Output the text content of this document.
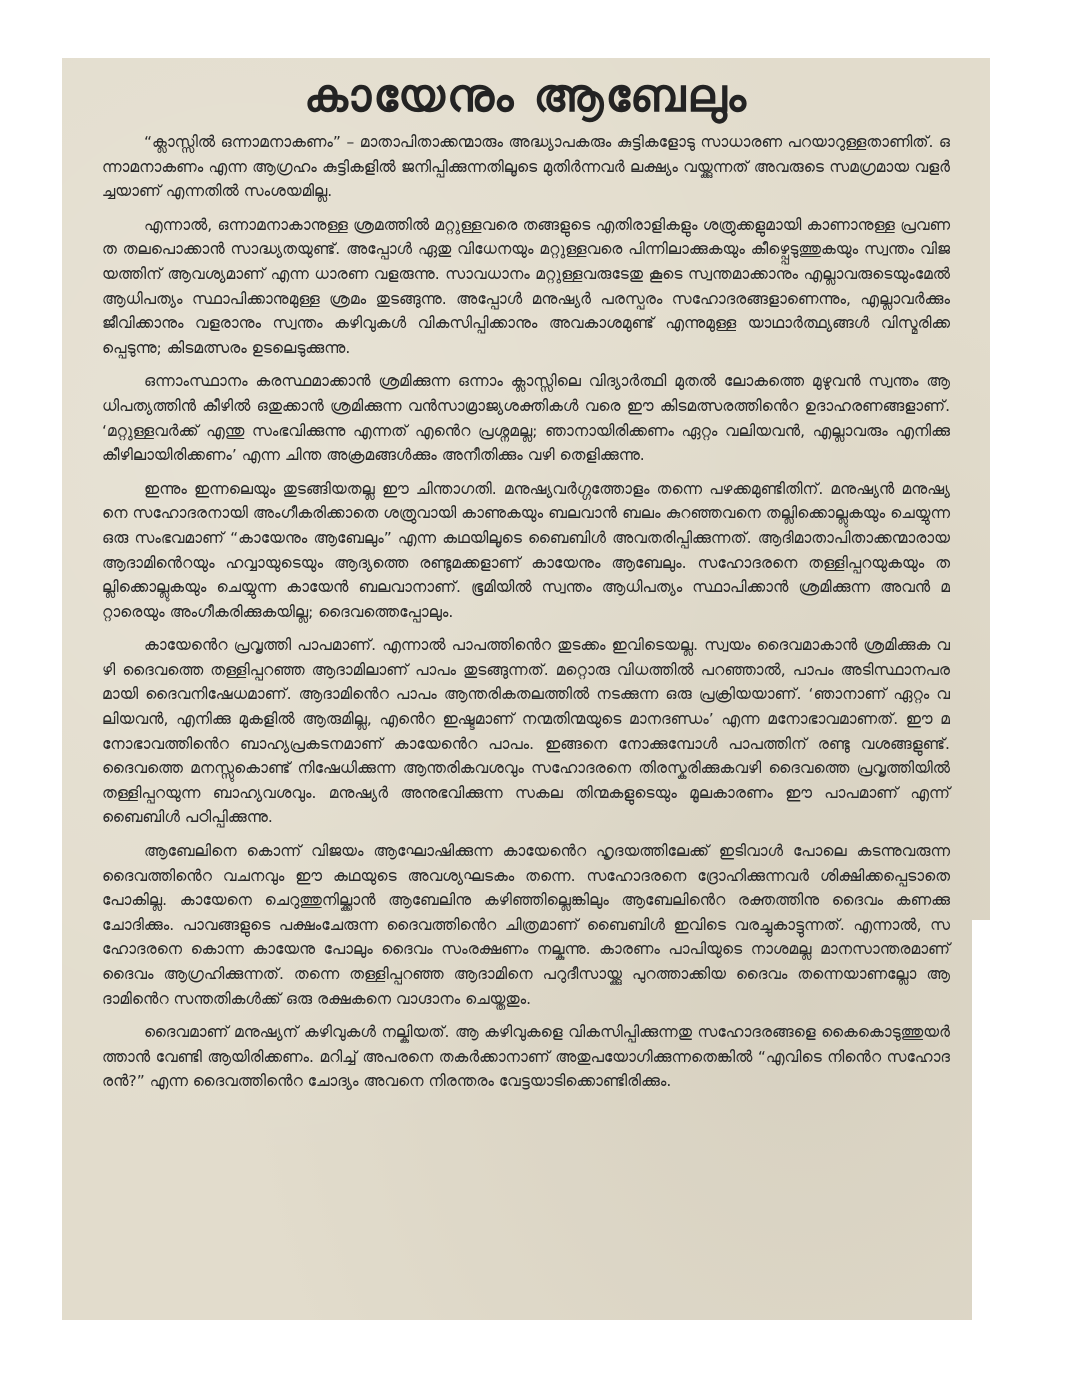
കായേനും ആബേലും

“ക്ലാസ്സിൽ ഒന്നാമനാകണം” – മാതാപിതാക്കന്മാരും അദ്ധ്യാപകരും കുട്ടികളോടു സാധാരണ പറയാറുള്ളതാണിത്. ഒന്നാമനാകണം എന്ന ആഗ്രഹം കുട്ടികളിൽ ജനിപ്പിക്കുന്നതിലൂടെ മുതിർന്നവർ ലക്ഷ്യം വയ്ക്കുന്നത് അവരുടെ സമഗ്രമായ വളർച്ചയാണ് എന്നതിൽ സംശയമില്ല.

എന്നാൽ, ഒന്നാമനാകാനുള്ള ശ്രമത്തിൽ മറ്റുള്ളവരെ തങ്ങളുടെ എതിരാളികളും ശത്രുക്കളുമായി കാണാനുള്ള പ്രവണത തലപൊക്കാൻ സാദ്ധ്യതയുണ്ട്. അപ്പോൾ ഏതു വിധേനയും മറ്റുള്ളവരെ പിന്നിലാക്കുകയും കീഴ്പ്പെടുത്തുകയും സ്വന്തം വിജയത്തിന് ആവശ്യമാണ് എന്ന ധാരണ വളരുന്നു. സാവധാനം മറ്റുള്ളവരുടേതു കൂടെ സ്വന്തമാക്കാനും എല്ലാവരുടെയുംമേൽ ആധിപത്യം സ്ഥാപിക്കാനുമുള്ള ശ്രമം തുടങ്ങുന്നു. അപ്പോൾ മനുഷ്യർ പരസ്പരം സഹോദരങ്ങളാണെന്നും, എല്ലാവർക്കും ജീവിക്കാനും വളരാനും സ്വന്തം കഴിവുകൾ വികസിപ്പിക്കാനും അവകാശമുണ്ട് എന്നുമുള്ള യാഥാർത്ഥ്യങ്ങൾ വിസ്മരിക്കപ്പെടുന്നു; കിടമത്സരം ഉടലെടുക്കുന്നു.

ഒന്നാംസ്ഥാനം കരസ്ഥമാക്കാൻ ശ്രമിക്കുന്ന ഒന്നാം ക്ലാസ്സിലെ വിദ്യാർത്ഥി മുതൽ ലോകത്തെ മുഴുവൻ സ്വന്തം ആധിപത്യത്തിൻ കീഴിൽ ഒതുക്കാൻ ശ്രമിക്കുന്ന വൻസാമ്രാജ്യശക്തികൾ വരെ ഈ കിടമത്സരത്തിൻെറ ഉദാഹരണങ്ങളാണ്. ‘മറ്റുള്ളവർക്ക് എന്തു സംഭവിക്കുന്നു എന്നത് എൻെറ പ്രശ്നമല്ല; ഞാനായിരിക്കണം ഏറ്റം വലിയവൻ, എല്ലാവരും എനിക്കു കീഴിലായിരിക്കണം’ എന്ന ചിന്ത അക്രമങ്ങൾക്കും അനീതിക്കും വഴി തെളിക്കുന്നു.

ഇന്നും ഇന്നലെയും തുടങ്ങിയതല്ല ഈ ചിന്താഗതി. മനുഷ്യവർഗ്ഗത്തോളം തന്നെ പഴക്കമുണ്ടിതിന്. മനുഷ്യൻ മനുഷ്യനെ സഹോദരനായി അംഗീകരിക്കാതെ ശത്രുവായി കാണുകയും ബലവാൻ ബലം കുറഞ്ഞവനെ തല്ലിക്കൊല്ലുകയും ചെയ്യുന്ന ഒരു സംഭവമാണ് “കായേനും ആബേലും” എന്ന കഥയിലൂടെ ബൈബിൾ അവതരിപ്പിക്കുന്നത്. ആദിമാതാപിതാക്കന്മാരായ ആദാമിൻെറയും ഹവ്വായുടെയും ആദ്യത്തെ രണ്ടുമക്കളാണ് കായേനും ആബേലും. സഹോദരനെ തള്ളിപ്പറയുകയും തല്ലിക്കൊല്ലുകയും ചെയ്യുന്ന കായേൻ ബലവാനാണ്. ഭൂമിയിൽ സ്വന്തം ആധിപത്യം സ്ഥാപിക്കാൻ ശ്രമിക്കുന്ന അവൻ മറ്റാരെയും അംഗീകരിക്കുകയില്ല; ദൈവത്തെപ്പോലും.

കായേൻെറ പ്രവൃത്തി പാപമാണ്. എന്നാൽ പാപത്തിൻെറ തുടക്കം ഇവിടെയല്ല. സ്വയം ദൈവമാകാൻ ശ്രമിക്കുക വഴി ദൈവത്തെ തള്ളിപ്പറഞ്ഞ ആദാമിലാണ് പാപം തുടങ്ങുന്നത്. മറ്റൊരു വിധത്തിൽ പറഞ്ഞാൽ, പാപം അടിസ്ഥാനപരമായി ദൈവനിഷേധമാണ്. ആദാമിൻെറ പാപം ആന്തരികതലത്തിൽ നടക്കുന്ന ഒരു പ്രക്രിയയാണ്. ‘ഞാനാണ് ഏറ്റം വലിയവൻ, എനിക്കു മുകളിൽ ആരുമില്ല, എൻെറ ഇഷ്ടമാണ് നന്മതിന്മയുടെ മാനദണ്ഡം’ എന്ന മനോഭാവമാണത്. ഈ മനോഭാവത്തിൻെറ ബാഹ്യപ്രകടനമാണ് കായേൻെറ പാപം. ഇങ്ങനെ നോക്കുമ്പോൾ പാപത്തിന് രണ്ടു വശങ്ങളുണ്ട്. ദൈവത്തെ മനസ്സുകൊണ്ട് നിഷേധിക്കുന്ന ആന്തരികവശവും സഹോദരനെ തിരസ്കരിക്കുകവഴി ദൈവത്തെ പ്രവൃത്തിയിൽ തള്ളിപ്പറയുന്ന ബാഹ്യവശവും. മനുഷ്യർ അനുഭവിക്കുന്ന സകല തിന്മകളുടെയും മൂലകാരണം ഈ പാപമാണ് എന്ന് ബൈബിൾ പഠിപ്പിക്കുന്നു.

ആബേലിനെ കൊന്ന് വിജയം ആഘോഷിക്കുന്ന കായേൻെറ ഹൃദയത്തിലേക്ക് ഇടിവാൾ പോലെ കടന്നുവരുന്ന ദൈവത്തിൻെറ വചനവും ഈ കഥയുടെ അവശ്യഘടകം തന്നെ. സഹോദരനെ ദ്രോഹിക്കുന്നവർ ശിക്ഷിക്കപ്പെടാതെ പോകില്ല. കായേനെ ചെറുത്തുനില്ക്കാൻ ആബേലിനു കഴിഞ്ഞില്ലെങ്കിലും ആബേലിൻെറ രക്തത്തിനു ദൈവം കണക്കു ചോദിക്കും. പാവങ്ങളുടെ പക്ഷംചേരുന്ന ദൈവത്തിൻെറ ചിത്രമാണ് ബൈബിൾ ഇവിടെ വരച്ചുകാട്ടുന്നത്. എന്നാൽ, സഹോദരനെ കൊന്ന കായേനു പോലും ദൈവം സംരക്ഷണം നല്കുന്നു. കാരണം പാപിയുടെ നാശമല്ല മാനസാന്തരമാണ് ദൈവം ആഗ്രഹിക്കുന്നത്. തന്നെ തള്ളിപ്പറഞ്ഞ ആദാമിനെ പറുദീസായ്ക്കു പുറത്താക്കിയ ദൈവം തന്നെയാണല്ലോ ആദാമിൻെറ സന്തതികൾക്ക് ഒരു രക്ഷകനെ വാഗ്ദാനം ചെയ്തതും.

ദൈവമാണ് മനുഷ്യന് കഴിവുകൾ നല്കിയത്. ആ കഴിവുകളെ വികസിപ്പിക്കുന്നതു സഹോദരങ്ങളെ കൈകൊടുത്തുയർത്താൻ വേണ്ടി ആയിരിക്കണം. മറിച്ച് അപരനെ തകർക്കാനാണ് അതുപയോഗിക്കുന്നതെങ്കിൽ “എവിടെ നിൻെറ സഹോദരൻ?” എന്ന ദൈവത്തിൻെറ ചോദ്യം അവനെ നിരന്തരം വേട്ടയാടിക്കൊണ്ടിരിക്കും.
